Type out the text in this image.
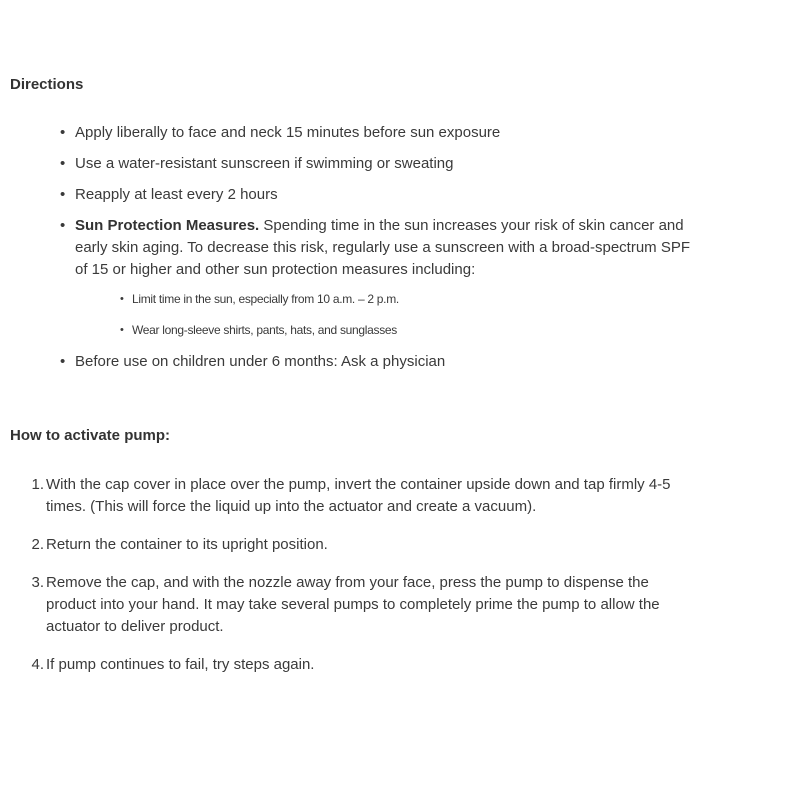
Directions
• Apply liberally to face and neck 15 minutes before sun exposure
• Use a water-resistant sunscreen if swimming or sweating
• Reapply at least every 2 hours
• Sun Protection Measures. Spending time in the sun increases your risk of skin cancer and early skin aging. To decrease this risk, regularly use a sunscreen with a broad-spectrum SPF of 15 or higher and other sun protection measures including:
• Limit time in the sun, especially from 10 a.m. – 2 p.m.
• Wear long-sleeve shirts, pants, hats, and sunglasses
• Before use on children under 6 months: Ask a physician
How to activate pump:
1. With the cap cover in place over the pump, invert the container upside down and tap firmly 4-5 times. (This will force the liquid up into the actuator and create a vacuum).
2. Return the container to its upright position.
3. Remove the cap, and with the nozzle away from your face, press the pump to dispense the product into your hand. It may take several pumps to completely prime the pump to allow the actuator to deliver product.
4. If pump continues to fail, try steps again.
